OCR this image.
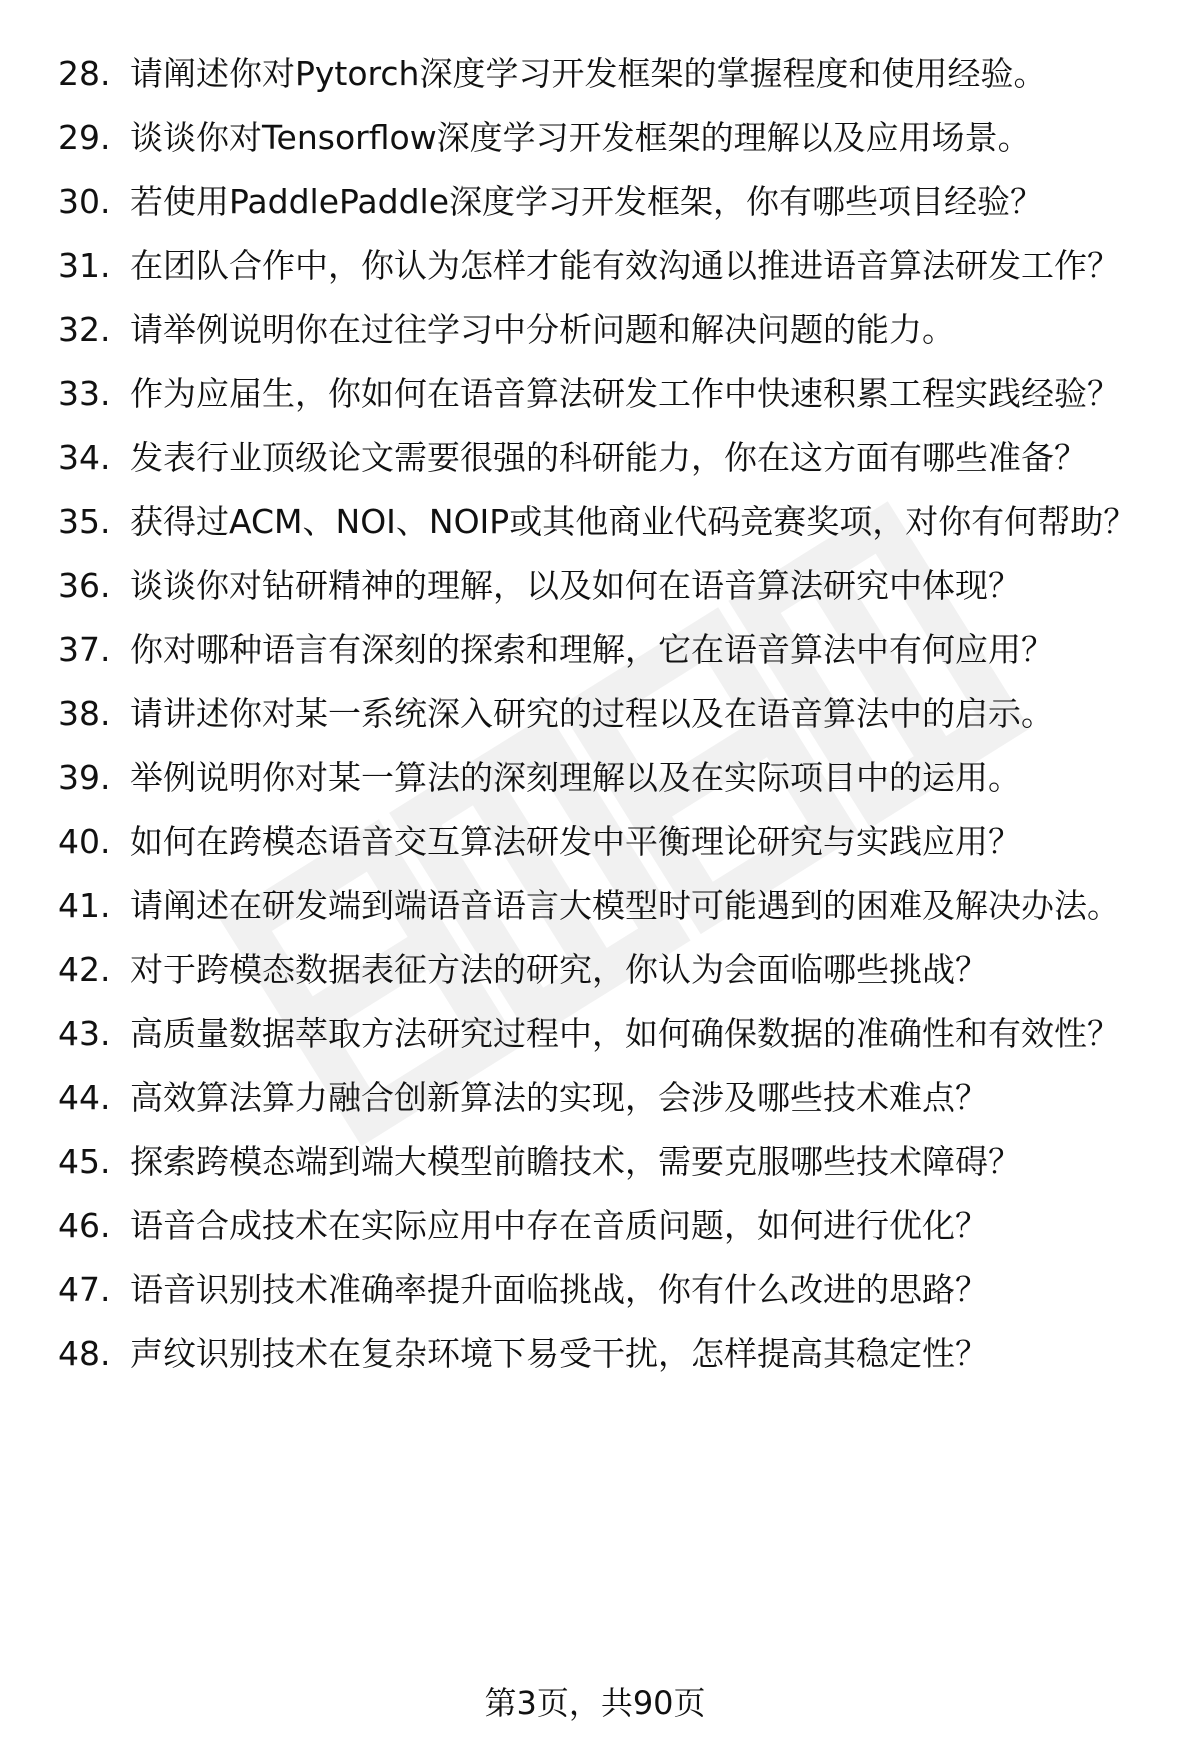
28. 请阐述你对Pytorch深度学习开发框架的掌握程度和使用经验。
29. 谈谈你对Tensorflow深度学习开发框架的理解以及应用场景。
30. 若使用PaddlePaddle深度学习开发框架，你有哪些项目经验？
31. 在团队合作中，你认为怎样才能有效沟通以推进语音算法研发工作？
32. 请举例说明你在过往学习中分析问题和解决问题的能力。
33. 作为应届生，你如何在语音算法研发工作中快速积累工程实践经验？
34. 发表行业顶级论文需要很强的科研能力，你在这方面有哪些准备？
35. 获得过ACM、NOI、NOIP或其他商业代码竞赛奖项，对你有何帮助？
36. 谈谈你对钻研精神的理解，以及如何在语音算法研究中体现？
37. 你对哪种语言有深刻的探索和理解，它在语音算法中有何应用？
38. 请讲述你对某一系统深入研究的过程以及在语音算法中的启示。
39. 举例说明你对某一算法的深刻理解以及在实际项目中的运用。
40. 如何在跨模态语音交互算法研发中平衡理论研究与实践应用？
41. 请阐述在研发端到端语音语言大模型时可能遇到的困难及解决办法。
42. 对于跨模态数据表征方法的研究，你认为会面临哪些挑战？
43. 高质量数据萃取方法研究过程中，如何确保数据的准确性和有效性？
44. 高效算法算力融合创新算法的实现，会涉及哪些技术难点？
45. 探索跨模态端到端大模型前瞻技术，需要克服哪些技术障碍？
46. 语音合成技术在实际应用中存在音质问题，如何进行优化？
47. 语音识别技术准确率提升面临挑战，你有什么改进的思路？
48. 声纹识别技术在复杂环境下易受干扰，怎样提高其稳定性？
第3页，共90页
